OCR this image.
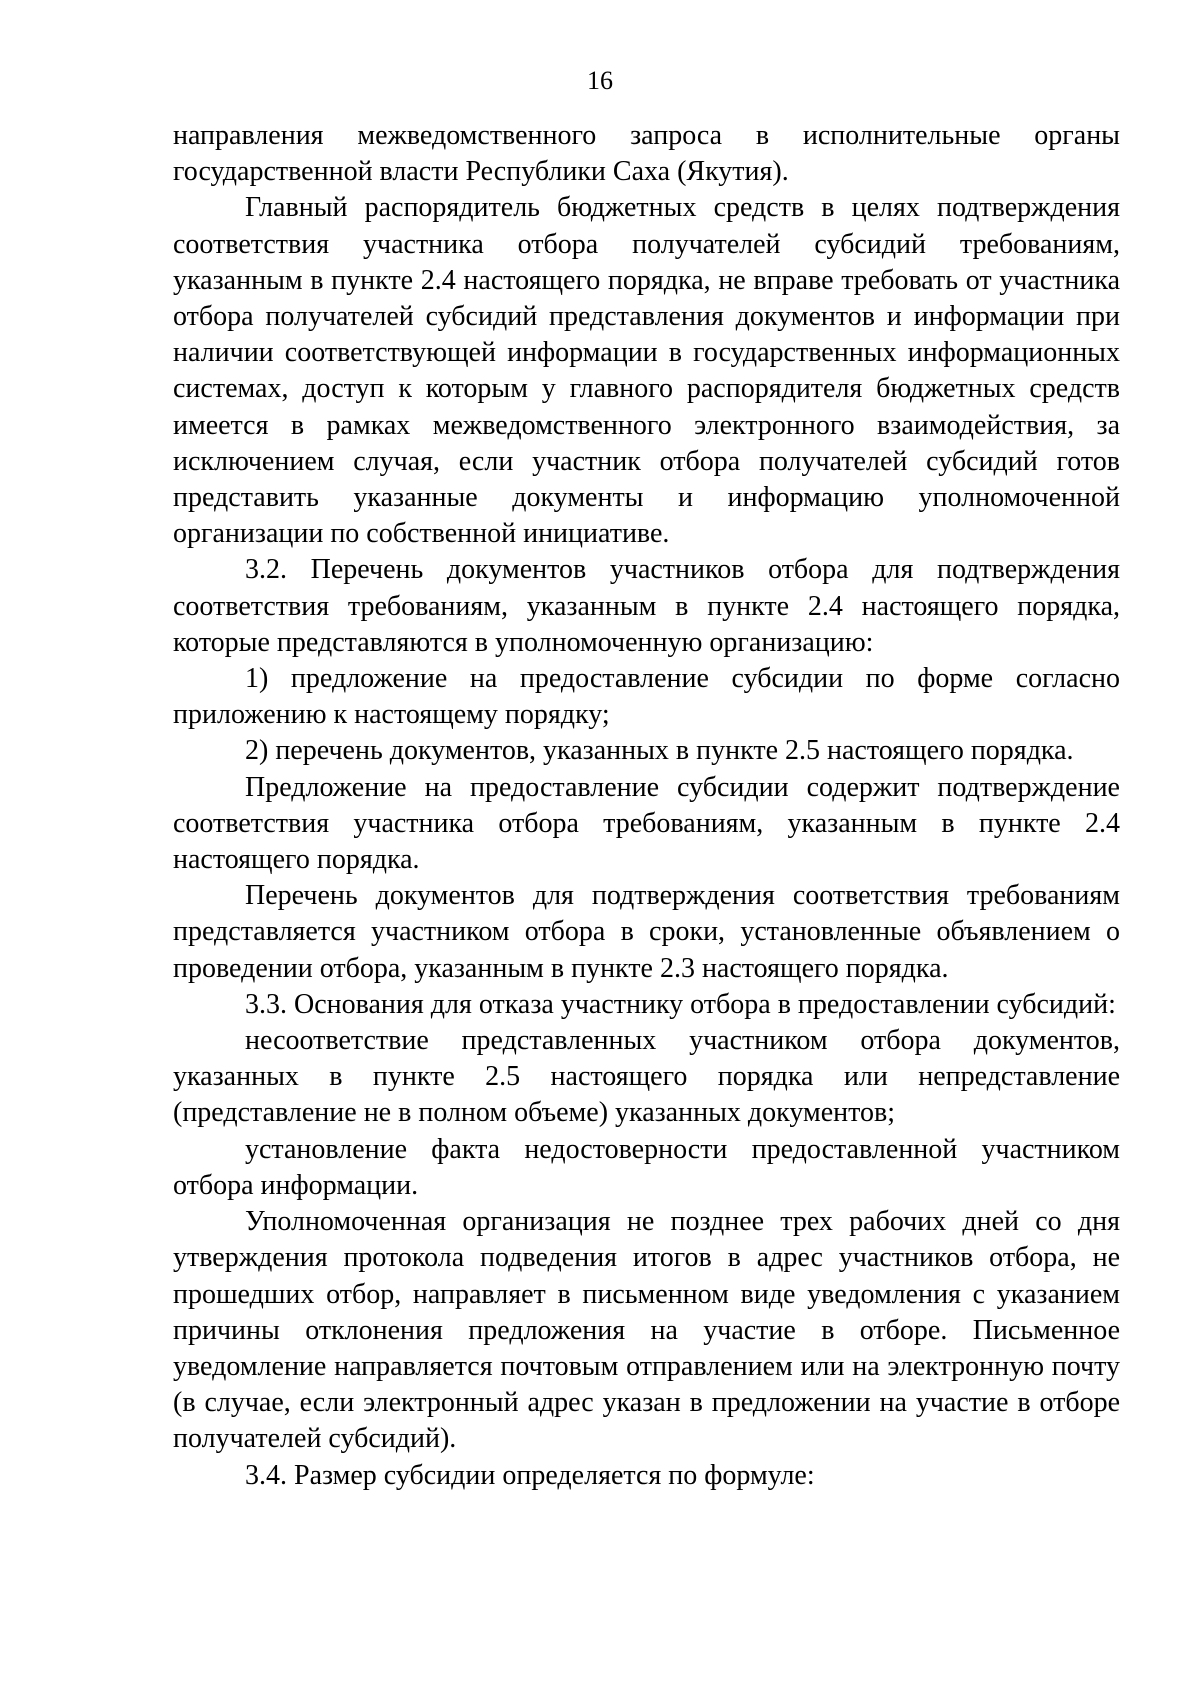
16

направления межведомственного запроса в исполнительные органы государственной власти Республики Саха (Якутия).

Главный распорядитель бюджетных средств в целях подтверждения соответствия участника отбора получателей субсидий требованиям, указанным в пункте 2.4 настоящего порядка, не вправе требовать от участника отбора получателей субсидий представления документов и информации при наличии соответствующей информации в государственных информационных системах, доступ к которым у главного распорядителя бюджетных средств имеется в рамках межведомственного электронного взаимодействия, за исключением случая, если участник отбора получателей субсидий готов представить указанные документы и информацию уполномоченной организации по собственной инициативе.

3.2. Перечень документов участников отбора для подтверждения соответствия требованиям, указанным в пункте 2.4 настоящего порядка, которые представляются в уполномоченную организацию:

1) предложение на предоставление субсидии по форме согласно приложению к настоящему порядку;

2) перечень документов, указанных в пункте 2.5 настоящего порядка.

Предложение на предоставление субсидии содержит подтверждение соответствия участника отбора требованиям, указанным в пункте 2.4 настоящего порядка.

Перечень документов для подтверждения соответствия требованиям представляется участником отбора в сроки, установленные объявлением о проведении отбора, указанным в пункте 2.3 настоящего порядка.

3.3. Основания для отказа участнику отбора в предоставлении субсидий:

несоответствие представленных участником отбора документов, указанных в пункте 2.5 настоящего порядка или непредставление (представление не в полном объеме) указанных документов;

установление факта недостоверности предоставленной участником отбора информации.

Уполномоченная организация не позднее трех рабочих дней со дня утверждения протокола подведения итогов в адрес участников отбора, не прошедших отбор, направляет в письменном виде уведомления с указанием причины отклонения предложения на участие в отборе. Письменное уведомление направляется почтовым отправлением или на электронную почту (в случае, если электронный адрес указан в предложении на участие в отборе получателей субсидий).

3.4. Размер субсидии определяется по формуле:
